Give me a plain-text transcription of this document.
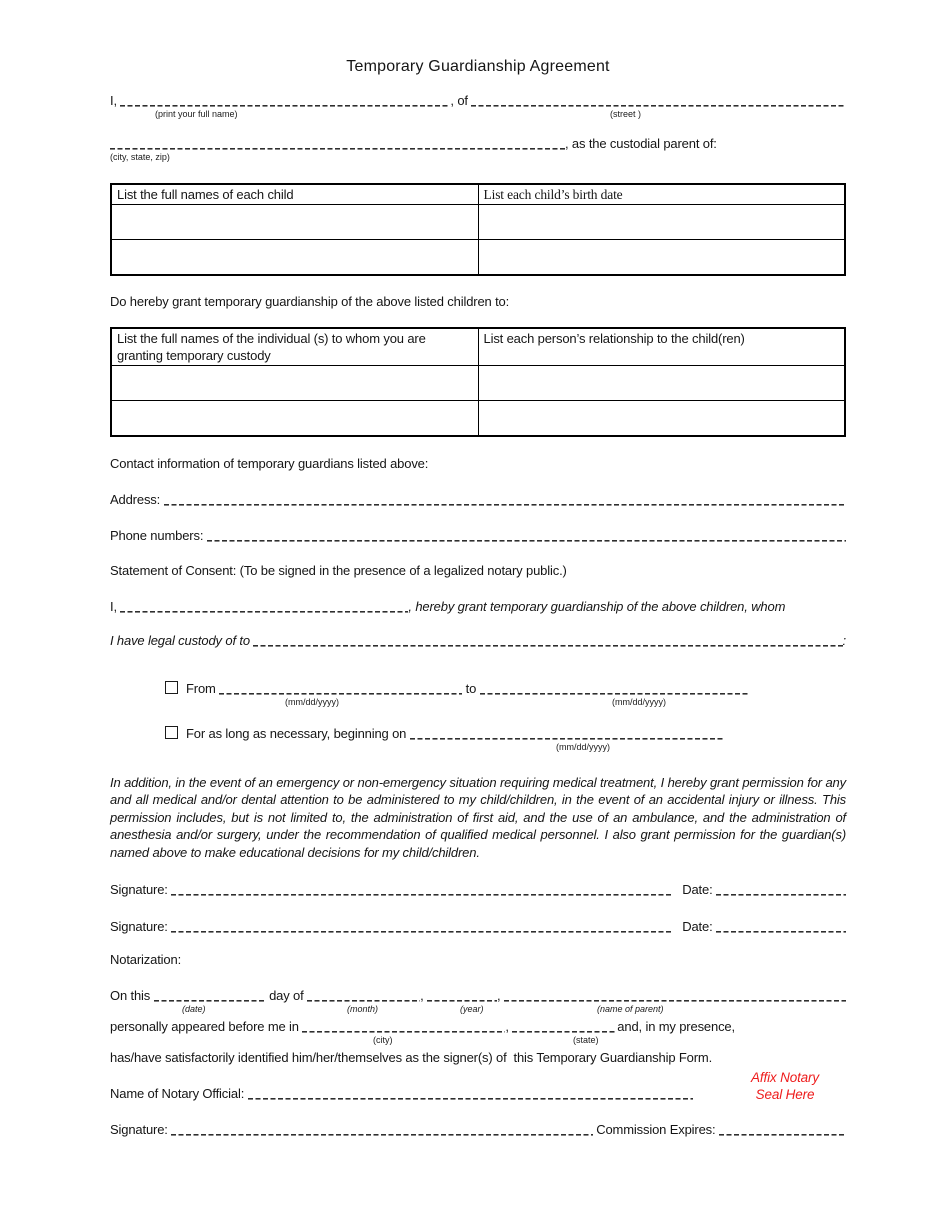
Temporary Guardianship Agreement
I,
	, of

(print your full name)	(street )
, as the custodial parent of:
(city, state, zip)
List the full names of each child	List each child’s birth date

Do hereby grant temporary guardianship of the above listed children to:
List the full names of the individual (s) to whom you are granting temporary custody	List each person’s relationship to the child(ren)

Contact information of temporary guardians listed above:
Address:

Phone numbers:

Statement of Consent: (To be signed in the presence of a legalized notary public.)
I,
	, hereby grant temporary guardianship of the above children, whom
I have legal custody of to
	:
From

	to

(mm/dd/yyyy)	(mm/dd/yyyy)
For as long as necessary, beginning on

(mm/dd/yyyy)

In addition, in the event of an emergency or non-emergency situation requiring medical treatment, I hereby grant permission for any and all medical and/or dental attention to be administered to my child/children, in the event of an accidental injury or illness. This permission includes, but is not limited to, the administration of first aid, and the use of an ambulance, and the administration of anesthesia and/or surgery, under the recommendation of qualified medical personnel. I also grant permission for the guardian(s) named above to make educational decisions for my child/children.

Signature:
	Date:

Signature:
	Date:

Notarization:
On this

	day of
	,
	,

(date)	(month)	(year)	(name of parent)
personally appeared before me in
	,
	and, in my presence,
(city)	(state)
has/have satisfactorily identified him/her/themselves as the signer(s) of  this Temporary Guardianship Form.
Name of Notary Official:

Affix Notary
Seal Here
Signature:
	Commission Expires:
